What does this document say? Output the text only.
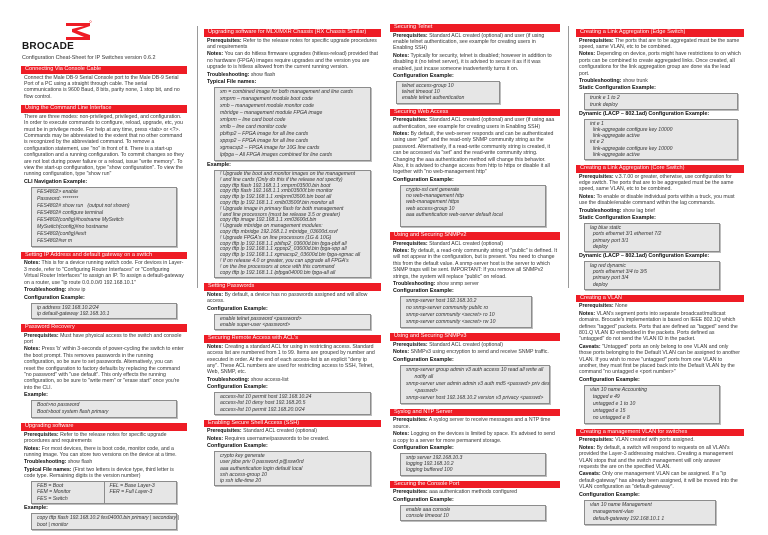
BROCADE
Configuration Cheat-Sheet for IP Switches version 0.6.2
Connecting Via Console Cable
Connect the Male DB-9 Serial Console port to the Male DB-9 Serial Port of a PC using a straight through cable. The serial communications is 9600 Baud, 8 bits, parity none, 1 stop bit, and no flow control.
Using the Command Line Interface
There are three modes: non-privileged, privileged, and configuration. In order to execute commands to configure, reload, upgrade, etc, you must be in privilege mode. For help at any time, press <tab> or <?>. Commands may be abbreviated to the extent that no other command is recognized by the abbreviated command. To remove a configuration statement, use "no" in front of it. There is a start-up configuration and a running configuration. To commit changes so they are not lost during power failure or a reload, issue "write memory". To view the start-up configuration, type "show configuration". To view the running configuration, type "show run"
CLI Navigation Example:
FES4802> enable
Password: ********
FES4802# show run   (output not shown)
FES4802# configure terminal
FES4802(config)#hostname MySwitch
MySwitch(config)#no hostname
FES4802(config)#exit
FES4802#wr m
Setting IP Address and default gateway on a switch
Notes: This is for a device running switch code. For devices in Layer-3 mode, refer to "Configuring Router Interfaces" or "Configuring Virtual Router Interfaces" to assign an IP. To assign a default-gateway on a router, use "ip route 0.0.0.0/0 192.168.10.1"
Troubleshooting: show ip
Configuration Example:
ip address 192.168.10.2/24
ip default-gateway 192.168.10.1
Password Recovery
Prerequisites: Must have physical access to the switch and console port
Notes: Press 'b' within 3-seconds of power-cycling the switch to enter the boot prompt. This removes passwords in the running configuration, so be sure to set passwords. Alternatively, you can reset the configuration to factory defaults by replacing the command "no password" with "use default". This only effects the running configuration, so be sure to "write mem" or "erase start" once you're into the CLI.
Example:
Boot>no password
Boot>boot system flash primary
Upgrading software
Prerequisites: Refer to the release notes for specific upgrade procedures and requirements
Notes: For most devices, there is boot code, monitor code, and a running image. You can store two versions on the device at a time.
Troubleshooting: show flash
Typical File names: (First two letters is device type, third letter is code type. Remaining digits is the version number)
FEB = Boot
FEM = Monitor
FES = Switch
FEL = Base Layer-3
FER = Full Layer-3
Example:
copy tftp flash 192.168.10.2 fes04000.bin primary | secondary |
boot | monitor
Upgrading software for MLX/MXR Chassis (RX Chassis Similar)
Prerequisites: Refer to the release notes for specific upgrade procedures and requirements
Notes: You can do hitless firmware upgrades (hitless-reload) provided that no hardware (FPGA) images require upgrades and the version you are upgrade to is hitless allowed from the current running version.
Troubleshooting: show flash
Typical File names:
xm = combined image for both management and line cards
xmprm – management module boot code
xmb – management module monitor code
mbridge – management module FPGA image
xmlprm – line card boot code
xmlb – line card monitor code
pbifsp2 – FPGA image for all line cards
xppsp2 – FPGA image for all line cards
xgmacsp2 – FPGA image for 10G line cards
lpfpga – All FPGA images combined for line cards
Example:
! Upgrade the boot and monitor images on the management
! and line cards (Only do this if the release not specify)
copy tftp flash 192.168.1.1 xmprm03500.bin boot
copy tftp flash 192.168.1.1 xmb03500f.bin monitor
copy tftp lp 192.168.1.1 xmlprm03500.bin boot all
copy tftp lp 192.168.1.1 xmlb03500f.bin monitor all
! Upgrade image in primary flash for both management
! and line processors (must be release 3.5 or greater)
copy tftp image 192.168.1.1 xm03600d.bin
! Upgrade mbridge on management modules:
copy tftp mbridge 192.168.1.1 mbridge_03600d.xsvf
! Upgrade FPGA's on line processors (1G & 10G)
copy tftp lp 192.168.1.1 pbifsp2_03600d.bin fpga-pbif all
copy tftp lp 192.168.1.1 xppsp2_03600d.bin fpga-xpp all
copy tftp lp 192.168.1.1 xgmacsp2_03600d.bin fpga-xgmac all
! If on release 4.0 or greater, you can upgrade all FPGA's
! on the line processors at once with this command
copy tftp lp 192.168.1.1 lpfpga04000.bin fpga-all all
Setting Passwords
Notes: By default, a device has no passwords assigned and will allow access.
Configuration Example:
enable telnet password <password>
enable super-user <password>
Securing Remote Access with ACL's
Notes: Creating a standard ACL for using in restricting access. Standard access list are numbered from 1 to 99. Items are grouped by number and executed in order. At the end of each access-list is an explicit "deny ip any". These ACL numbers are used for restricting access to SSH, Telnet, Web, SNMP, etc.
Troubleshooting: show access-list
Configuration Example:
access-list 10 permit host 192.168.10.24
access-list 10 deny host 192.168.20.5
access-list 10 permit 192.168.20.0/24
Enabling Secure Shell Access (SSH)
Prerequisites: Standard ACL created (optional)
Notes: Requires username/passwords to be created.
Configuration Example:
crypto key generate
user jdoe priv 0 password p@ssw0rd
aaa authentication login default local
ssh access-group 10
ip ssh idle-time 20
Securing Telnet
Prerequisites: Standard ACL created (optional) and user (if using enable telnet authentication, see example for creating users in Enabling SSH)
Notes: Typically for security, telnet is disabled; however in addition to disabling it (no telnet server), it is advised to secure it as if it was enabled, just incase someone inadvertently turns it on.
Configuration Example:
telnet access-group 10
telnet timeout 10
enable telnet authentication
Securing Web Access
Prerequisites: Standard ACL created (optional) and user (if using aaa authentication, see example for creating users in Enabling SSH)
Notes: By default, the web-server responds and can be authenticated using user "get" and the read-only SNMP community string as the password. Alternatively, if a read-write community string is created, it can be accessed via "set" and the read-write community string. Changing the aaa authentication method will change this behavior. Also, it is advised to change access from http to https or disable it all together with "no web-management http"
Configuration Example:
crypto-ssl cert generate
no web-management http
web-management https
web access-group 10
aaa authentication web-server default local
Using and Securing SNMPv2
Prerequisites: Standard ACL created (optional)
Notes: By default, a read-only community string of "public" is defined. It will not appear in the configuration, but is present. You need to change this from the default value. A snmp-server host is the server to which SNMP traps will be sent. IMPORTANT: If you remove all SNMPv2 strings, the system will replace "public" on reload.
Troubleshooting: show snmp server
Configuration Example:
snmp-server host 192.168.10.2
no snmp-server community public ro
snmp-server community <secret> ro 10
snmp-server community <secret> rw 10
Using and Securing SNMPv3
Prerequisites: Standard ACL created (optional)
Notes: SNMPv3 using encryption to send and receive SNMP traffic.
Configuration Example:
snmp-server group admin v3 auth access 10 read all write all
notify all
snmp-server user admin admin v3 auth md5 <passwd> priv des
<passwd>
snmp-server host 192.168.10.2 version v3 privacy <passwd>
Syslog and NTP Server
Prerequisites: A syslog server to receive messages and a NTP time source.
Notes: Logging on the devices is limited by space. It's advised to send a copy to a server for more permanent storage.
Configuration Example:
sntp server 192.168.10.3
logging 192.168.10.2
logging buffered 100
Securing the Console Port
Prerequisites: aaa authenication methods configured
Configuration Example:
enable aaa console
console timeout 10
Creating a Link Aggregation (Edge Switch)
Prerequisites: The ports that are to be aggregated must be the same speed, same VLAN, etc to be combined.
Notes: Depending on device, ports might have restrictions to on which ports can be combined to create aggregated links. Once created, all configurations for the link aggregation group are done via the lead port.
Troubleshooting: show trunk
Static Configuration Example:
trunk e 1 to 2
trunk deploy
Dynamic (LACP – 802.1ad) Configuration Example:
int e 1
link-aggregate configure key 10000
link-aggregate active
int e 2
link-aggregate configure key 10000
link-aggregate active
Creating a Link Aggregation (Core Switch)
Prerequisites: v.3.7.00 or greater, otherwise, use configuration for edge switch. The ports that are to be aggregated must be the same speed, same VLAN, etc to be combined.
Notes: To enable or disable individual ports within a truck, you must use the disable/enable command within the lag commands.
Troubleshooting: show lag brief
Static Configuration Example:
lag blue static
ports ethernet 3/1 ethernet 7/2
primary port 3/1
deploy
Dynamic (LACP – 802.1ad) Configuration Example:
lag red dynamic
ports ethernet 3/4 to 3/5
primary port 3/4
deploy
Creating a VLAN
Prerequisites: None
Notes: VLAN's segment ports into separate broadcast/multicast domains. Brocade's implementation is based on IEEE 802.1Q which defines "tagged" packets. Ports that are defined as "tagged" send the 801.Q VLAN ID embedded in the packets. Ports defined as "untagged" do not send the VLAN ID in the packet.
Caveats: "Untagged" ports an only belong to one VLAN and only those ports belonging to the Default VLAN can be assigned to another VLAN. If you wish to move "untagged" ports from one VLAN to another, they must first be placed back into the Default VLAN by the command "no untagged e <port number>"
Configuration Example:
vlan 10 name Accounting
tagged e 49
untagged e 1 to 10
untagged e 15
no untagged e 8
Creating a management VLAN for switches
Prerequisites: VLAN created with ports assigned.
Notes: By default, a switch will respond to requests on all VLAN's provided the Layer-3 addressing matches. Creating a management VLAN stops that and the switch management will only answer requests the are on the specified VLAN.
Caveats: Only one management VLAN can be assigned. If a "ip default-gateway" has already been assigned, it will be moved into the VLAN configuration as "default-gateway".
Configuration Example:
vlan 10 name Management
management-vlan
default-gateway 192.168.10.1 1
